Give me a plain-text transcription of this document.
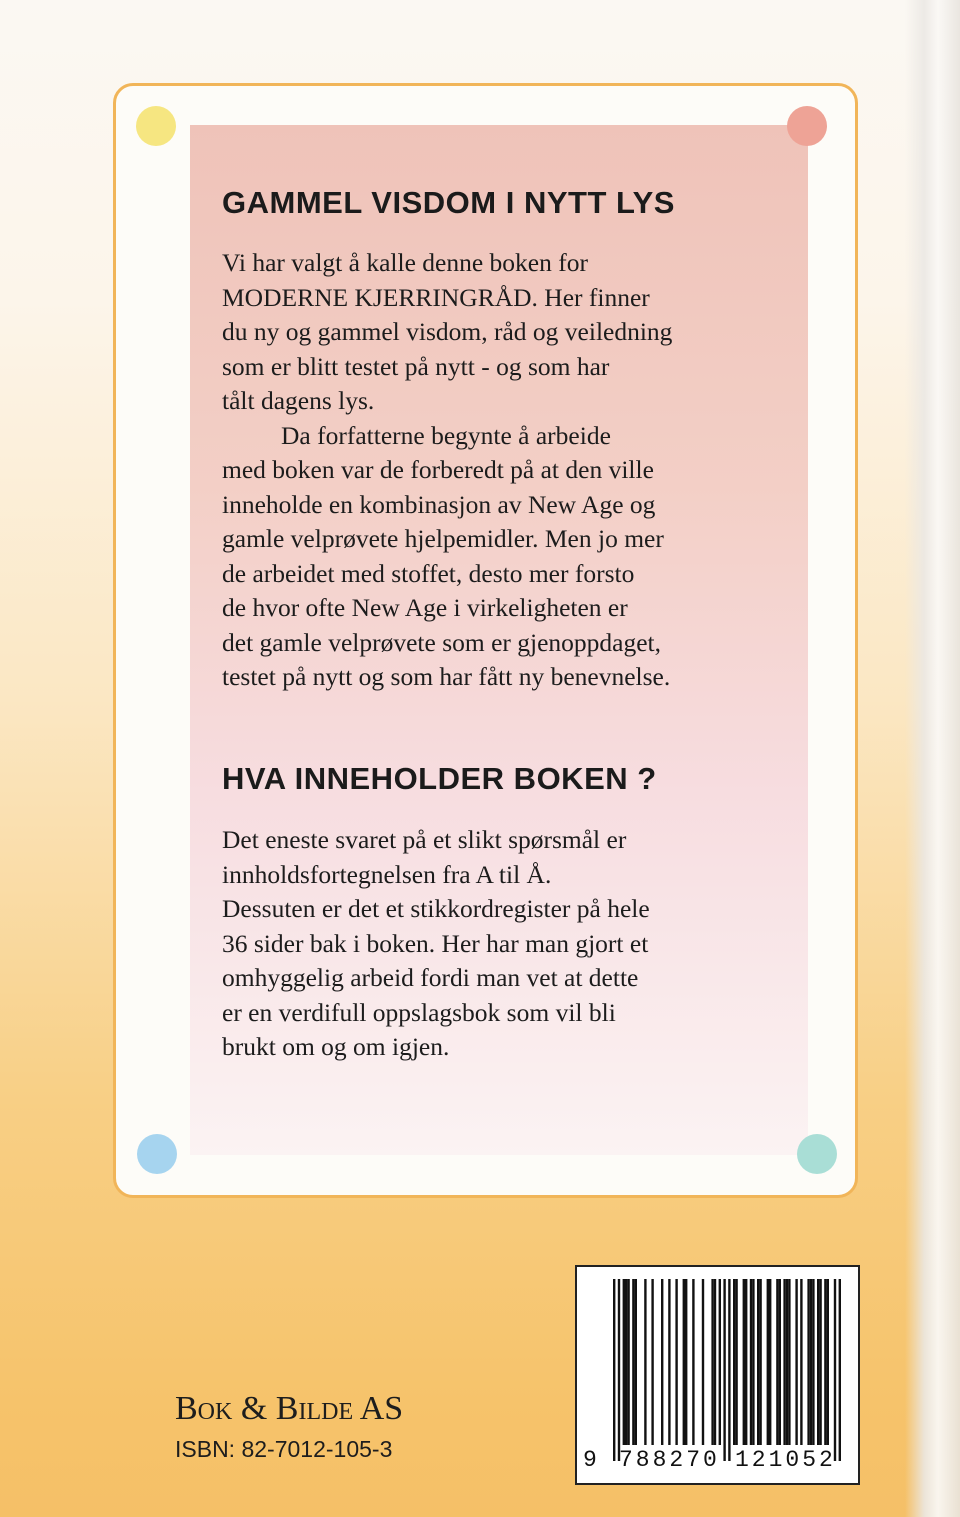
GAMMEL VISDOM I NYTT LYS

Vi har valgt å kalle denne boken for
MODERNE KJERRINGRÅD. Her finner
du ny og gammel visdom, råd og veiledning
som er blitt testet på nytt - og som har
tålt dagens lys.
Da forfatterne begynte å arbeide
med boken var de forberedt på at den ville
inneholde en kombinasjon av New Age og
gamle velprøvete hjelpemidler. Men jo mer
de arbeidet med stoffet, desto mer forsto
de hvor ofte New Age i virkeligheten er
det gamle velprøvete som er gjenoppdaget,
testet på nytt og som har fått ny benevnelse.

HVA INNEHOLDER BOKEN ?

Det eneste svaret på et slikt spørsmål er
innholdsfortegnelsen fra A til Å.
Dessuten er det et stikkordregister på hele
36 sider bak i boken. Her har man gjort et
omhyggelig arbeid fordi man vet at dette
er en verdifull oppslagsbok som vil bli
brukt om og om igjen.

Bok & Bilde AS
ISBN: 82-7012-105-3	9 788270 121052
